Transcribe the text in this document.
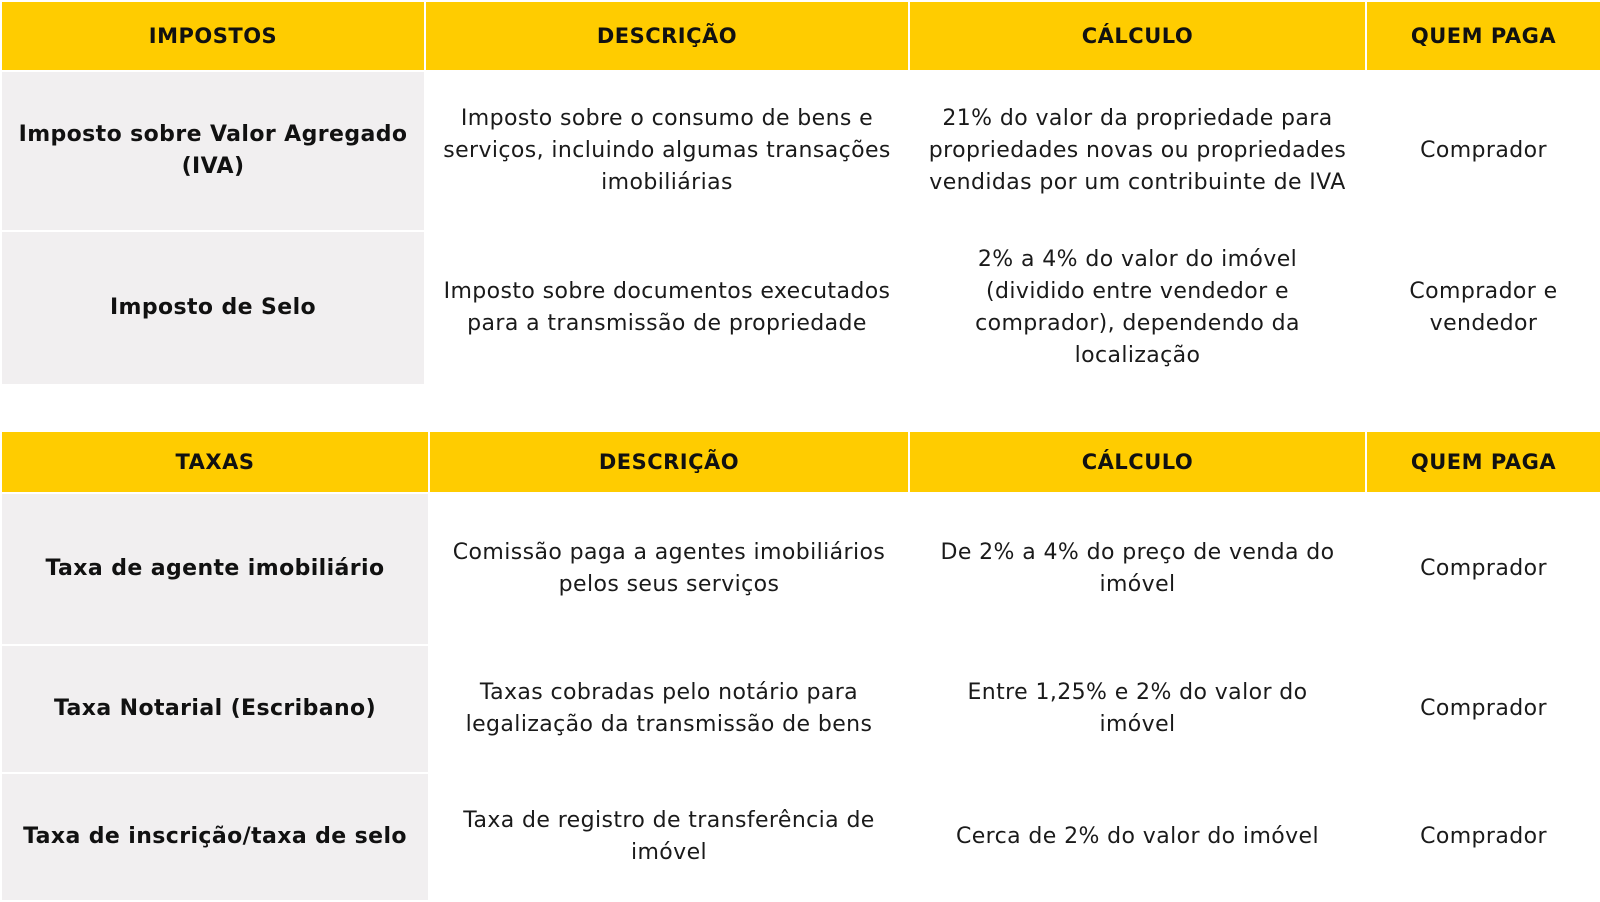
IMPOSTOS	DESCRIÇÃO	CÁLCULO	QUEM PAGA
Imposto sobre Valor Agregado (IVA)	Imposto sobre o consumo de bens e serviços, incluindo algumas transações imobiliárias	21% do valor da propriedade para propriedades novas ou propriedades vendidas por um contribuinte de IVA	Comprador
Imposto de Selo	Imposto sobre documentos executados para a transmissão de propriedade	2% a 4% do valor do imóvel (dividido entre vendedor e comprador), dependendo da localização	Comprador e vendedor
TAXAS	DESCRIÇÃO	CÁLCULO	QUEM PAGA
Taxa de agente imobiliário	Comissão paga a agentes imobiliários pelos seus serviços	De 2% a 4% do preço de venda do imóvel	Comprador
Taxa Notarial (Escribano)	Taxas cobradas pelo notário para legalização da transmissão de bens	Entre 1,25% e 2% do valor do imóvel	Comprador
Taxa de inscrição/taxa de selo	Taxa de registro de transferência de imóvel	Cerca de 2% do valor do imóvel	Comprador
